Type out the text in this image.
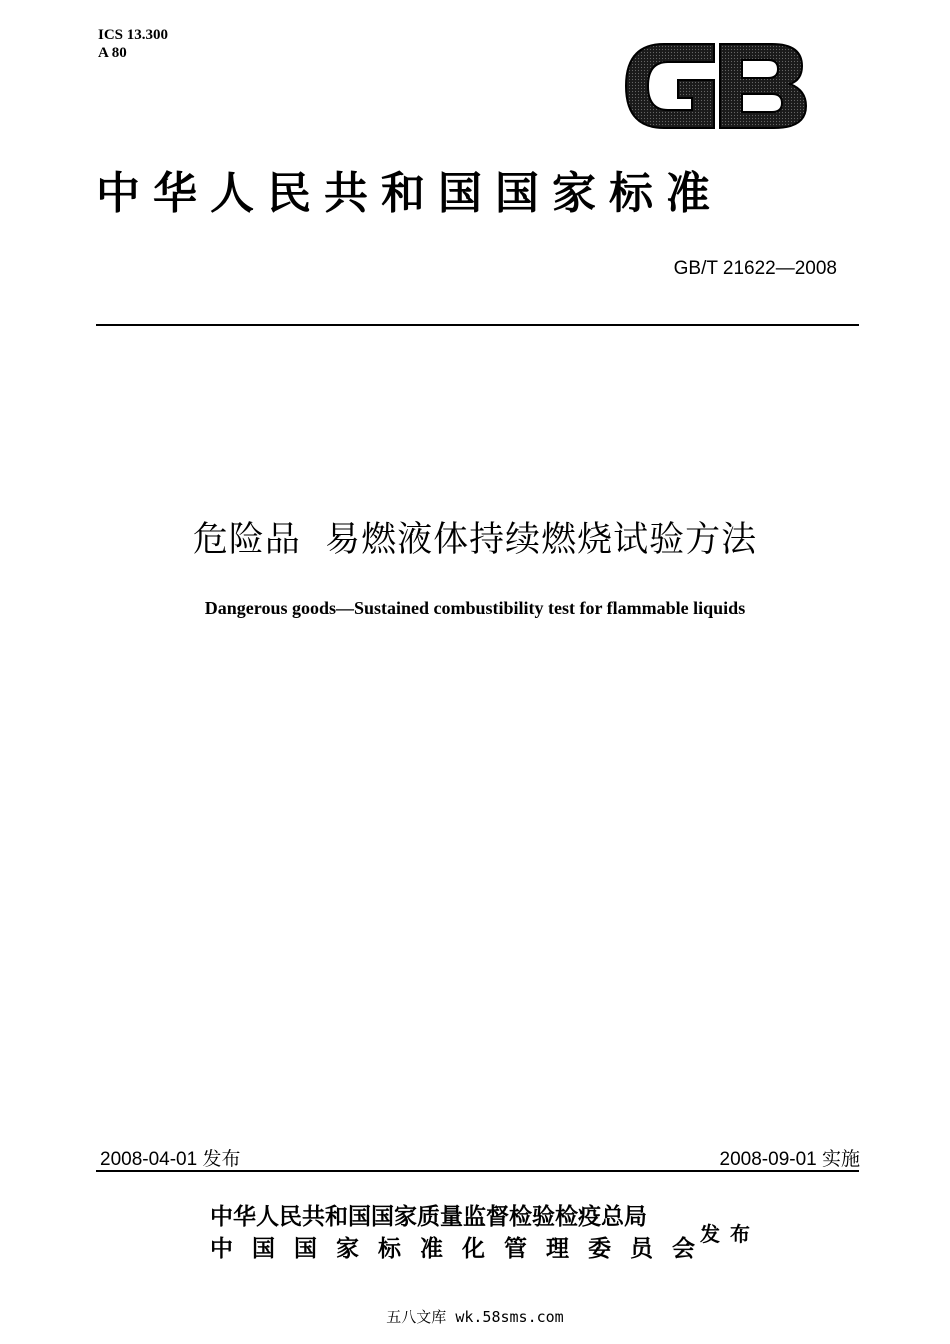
ICS 13.300
A 80
中华人民共和国国家标准
GB/T 21622—2008
危险品  易燃液体持续燃烧试验方法
Dangerous goods—Sustained combustibility test for flammable liquids
2008-04-01 发布	2008-09-01 实施
中华人民共和国国家质量监督检验检疫总局
中国国家标准化管理委员会
发布
五八文库 wk.58sms.com
